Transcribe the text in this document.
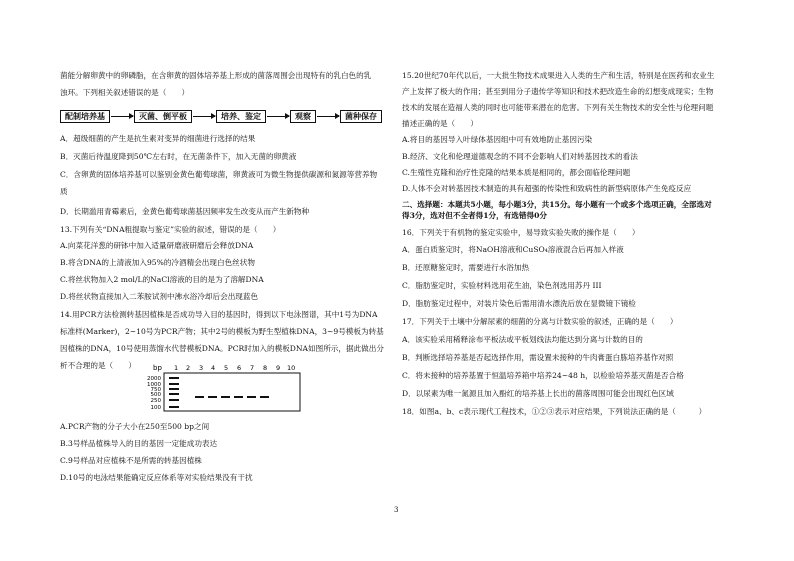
菌能分解卵黄中的卵磷脂，在含卵黄的固体培养基上形成的菌落周围会出现特有的乳白色的乳
浊环。下列相关叙述错误的是（　　）
配制培养基	灭菌、倒平板	培养、鉴定	观察	菌种保存
A．超级细菌的产生是抗生素对变异的细菌进行选择的结果
B．灭菌后待温度降到50℃左右时，在无菌条件下，加入无菌的卵黄液
C．含卵黄的固体培养基可以鉴别金黄色葡萄球菌，卵黄液可为微生物提供碳源和氮源等营养物
质
D．长期滥用青霉素后，金黄色葡萄球菌基因频率发生改变从而产生新物种
13.下列有关“DNA粗提取与鉴定”实验的叙述，错误的是（　　）
A.向菜花洋葱的研钵中加入适量研磨液研磨后会释放DNA
B.将含DNA的上清液加入95%的冷酒精会出现白色丝状物
C.将丝状物加入2 mol/L的NaCl溶液的目的是为了溶解DNA
D.将丝状物直接加入二苯胺试剂中沸水浴冷却后会出现蓝色
14.用PCR方法检测转基因植株是否成功导入目的基因时，得到以下电泳图谱，其中1号为DNA
标准样(Marker)，2~10号为PCR产物；其中2号的模板为野生型植株DNA，3~9号模板为转基
因植株的DNA，10号使用蒸馏水代替模板DNA。PCR时加入的模板DNA如图所示，据此做出分
析不合理的是（　　） bp 1 2 3 4 5 6 7 8 9 10
2000
1000
750
500
250
100
A.PCR产物的分子大小在250至500 bp之间
B.3号样品植株导入的目的基因一定能成功表达
C.9号样品对应植株不是所需的转基因植株
D.10号的电泳结果能确定反应体系等对实验结果没有干扰
15.20世纪70年代以后，一大批生物技术成果进入人类的生产和生活，特别是在医药和农业生
产上发挥了极大的作用；甚至到用分子遗传学等知识和技术把改造生命的幻想变成现实；生物
技术的发展在造福人类的同时也可能带来潜在的危害。下列有关生物技术的安全性与伦理问题
描述正确的是（　　）
A.将目的基因导入叶绿体基因组中可有效地防止基因污染
B.经济、文化和伦理道德观念的不同不会影响人们对转基因技术的看法
C.生殖性克隆和治疗性克隆的结果本质是相同的，都会面临伦理问题
D.人体不会对转基因技术制造的具有超强的传染性和致病性的新型病原体产生免疫反应
二、选择题：本题共5小题，每小题3分，共15分。每小题有一个或多个选项正确，全部选对
得3分，选对但不全者得1分，有选错得0分
16．下列关于有机物的鉴定实验中，易导致实验失败的操作是（　　）
A．蛋白质鉴定时，将NaOH溶液和CuSO₄溶液混合后再加入样液
B．还原糖鉴定时，需要进行水浴加热
C．脂肪鉴定时，实验材料选用花生油，染色剂选用苏丹 III
D．脂肪鉴定过程中，对装片染色后需用清水漂洗后放在显微镜下镜检
17．下列关于土壤中分解尿素的细菌的分离与计数实验的叙述，正确的是（　　）
A．该实验采用稀释涂布平板法或平板划线法均能达到分离与计数的目的
B．判断选择培养基是否起选择作用，需设置未接种的牛肉膏蛋白胨培养基作对照
C．将未接种的培养基置于恒温培养箱中培养24~48 h，以检验培养基灭菌是否合格
D．以尿素为唯一氮源且加入酚红的培养基上长出的菌落周围可能会出现红色区域
18．如图a、b、c表示现代工程技术，①②③表示对应结果，下列说法正确的是（　　　）
3
